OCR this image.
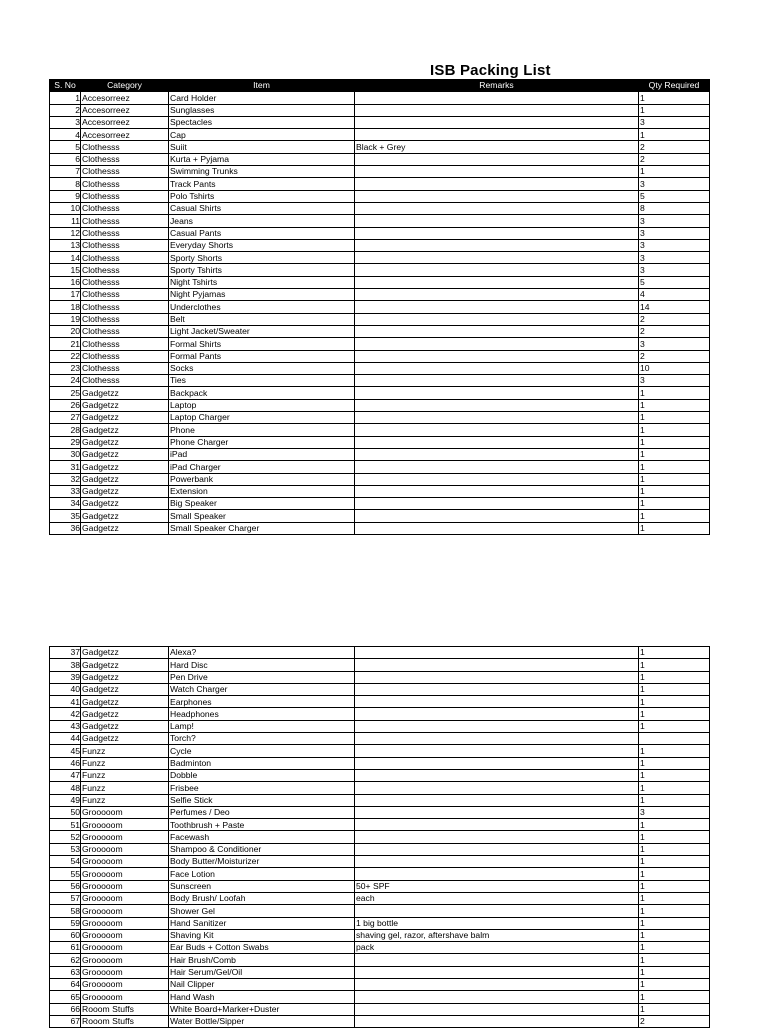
ISB Packing List
S. No	Category	Item	Remarks	Qty Required
1	Accesorreez	Card Holder		1
2	Accesorreez	Sunglasses		1
3	Accesorreez	Spectacles		3
4	Accesorreez	Cap		1
5	Clothesss	Suiit	Black + Grey	2
6	Clothesss	Kurta + Pyjama		2
7	Clothesss	Swimming Trunks		1
8	Clothesss	Track Pants		3
9	Clothesss	Polo Tshirts		5
10	Clothesss	Casual Shirts		8
11	Clothesss	Jeans		3
12	Clothesss	Casual Pants		3
13	Clothesss	Everyday Shorts		3
14	Clothesss	Sporty Shorts		3
15	Clothesss	Sporty Tshirts		3
16	Clothesss	Night Tshirts		5
17	Clothesss	Night Pyjamas		4
18	Clothesss	Underclothes		14
19	Clothesss	Belt		2
20	Clothesss	Light Jacket/Sweater		2
21	Clothesss	Formal Shirts		3
22	Clothesss	Formal Pants		2
23	Clothesss	Socks		10
24	Clothesss	Ties		3
25	Gadgetzz	Backpack		1
26	Gadgetzz	Laptop		1
27	Gadgetzz	Laptop Charger		1
28	Gadgetzz	Phone		1
29	Gadgetzz	Phone Charger		1
30	Gadgetzz	iPad		1
31	Gadgetzz	iPad Charger		1
32	Gadgetzz	Powerbank		1
33	Gadgetzz	Extension		1
34	Gadgetzz	Big Speaker		1
35	Gadgetzz	Small Speaker		1
36	Gadgetzz	Small Speaker Charger		1
37	Gadgetzz	Alexa?		1
38	Gadgetzz	Hard Disc		1
39	Gadgetzz	Pen Drive		1
40	Gadgetzz	Watch Charger		1
41	Gadgetzz	Earphones		1
42	Gadgetzz	Headphones		1
43	Gadgetzz	Lamp!		1
44	Gadgetzz	Torch?		
45	Funzz	Cycle		1
46	Funzz	Badminton		1
47	Funzz	Dobble		1
48	Funzz	Frisbee		1
49	Funzz	Selfie Stick		1
50	Grooooom	Perfumes / Deo		3
51	Grooooom	Toothbrush + Paste		1
52	Grooooom	Facewash		1
53	Grooooom	Shampoo & Conditioner		1
54	Grooooom	Body Butter/Moisturizer		1
55	Grooooom	Face Lotion		1
56	Grooooom	Sunscreen	50+ SPF	1
57	Grooooom	Body Brush/ Loofah	each	1
58	Grooooom	Shower Gel		1
59	Grooooom	Hand Sanitizer	1 big bottle	1
60	Grooooom	Shaving Kit	shaving gel, razor, aftershave balm	1
61	Grooooom	Ear Buds + Cotton Swabs	pack	1
62	Grooooom	Hair Brush/Comb		1
63	Grooooom	Hair Serum/Gel/Oil		1
64	Grooooom	Nail Clipper		1
65	Grooooom	Hand Wash		1
66	Rooom Stuffs	White Board+Marker+Duster		1
67	Rooom Stuffs	Water Bottle/Sipper		2
